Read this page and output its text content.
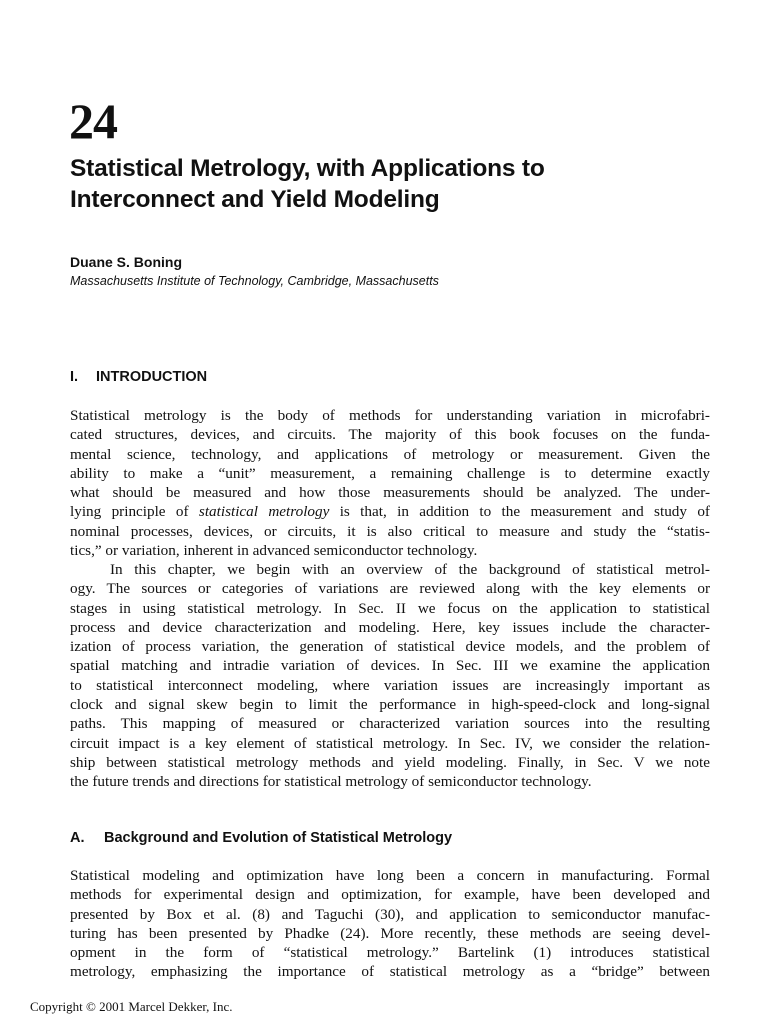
24
Statistical Metrology, with Applications to
Interconnect and Yield Modeling
Duane S. Boning
Massachusetts Institute of Technology, Cambridge, Massachusetts
I. INTRODUCTION
Statistical metrology is the body of methods for understanding variation in microfabri-
cated structures, devices, and circuits. The majority of this book focuses on the funda-
mental science, technology, and applications of metrology or measurement. Given the
ability to make a “unit” measurement, a remaining challenge is to determine exactly
what should be measured and how those measurements should be analyzed. The under-
lying principle of statistical metrology is that, in addition to the measurement and study of
nominal processes, devices, or circuits, it is also critical to measure and study the “statis-
tics,” or variation, inherent in advanced semiconductor technology.
In this chapter, we begin with an overview of the background of statistical metrol-
ogy. The sources or categories of variations are reviewed along with the key elements or
stages in using statistical metrology. In Sec. II we focus on the application to statistical
process and device characterization and modeling. Here, key issues include the character-
ization of process variation, the generation of statistical device models, and the problem of
spatial matching and intradie variation of devices. In Sec. III we examine the application
to statistical interconnect modeling, where variation issues are increasingly important as
clock and signal skew begin to limit the performance in high-speed-clock and long-signal
paths. This mapping of measured or characterized variation sources into the resulting
circuit impact is a key element of statistical metrology. In Sec. IV, we consider the relation-
ship between statistical metrology methods and yield modeling. Finally, in Sec. V we note
the future trends and directions for statistical metrology of semiconductor technology.
A. Background and Evolution of Statistical Metrology
Statistical modeling and optimization have long been a concern in manufacturing. Formal
methods for experimental design and optimization, for example, have been developed and
presented by Box et al. (8) and Taguchi (30), and application to semiconductor manufac-
turing has been presented by Phadke (24). More recently, these methods are seeing devel-
opment in the form of “statistical metrology.” Bartelink (1) introduces statistical
metrology, emphasizing the importance of statistical metrology as a “bridge” between
Copyright © 2001 Marcel Dekker, Inc.
